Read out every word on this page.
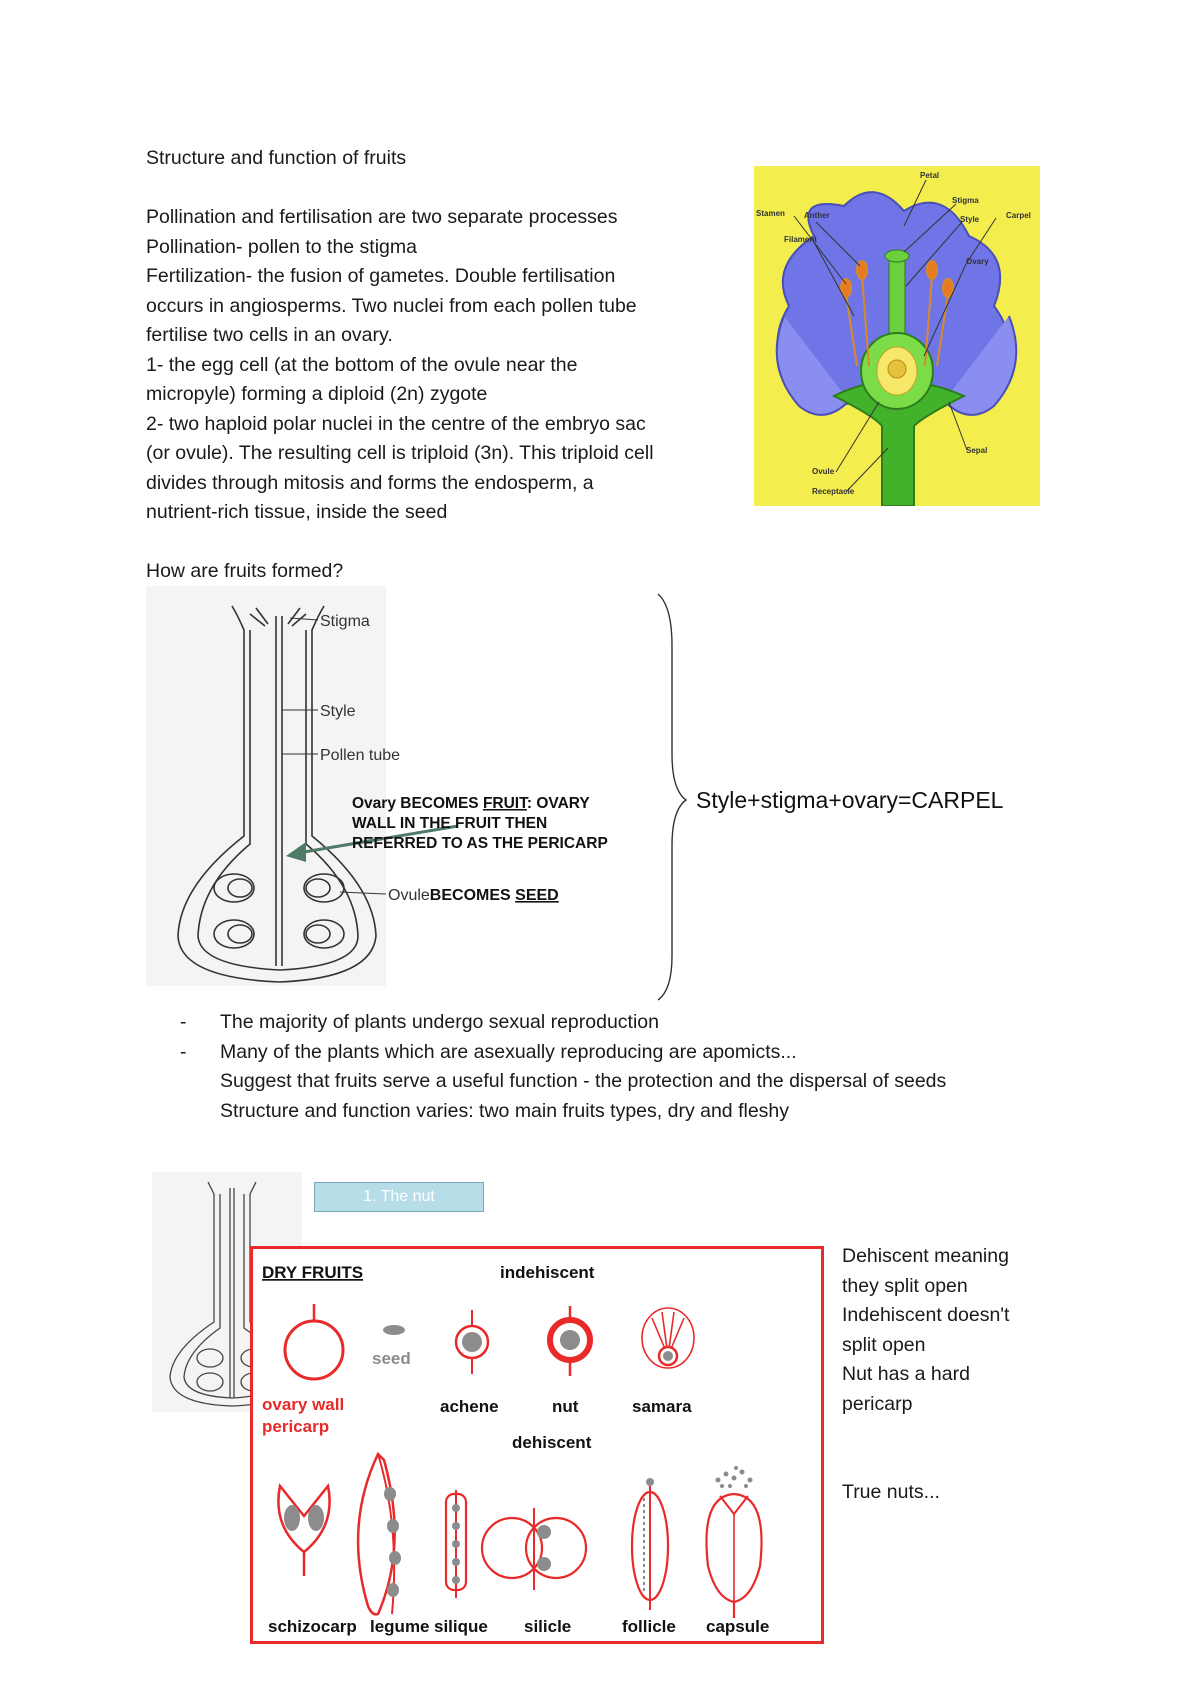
Structure and function of fruits
Pollination and fertilisation are two separate processes
Pollination- pollen to the stigma
Fertilization- the fusion of gametes. Double fertilisation
occurs in angiosperms. Two nuclei from each pollen tube
fertilise two cells in an ovary.
1- the egg cell (at the bottom of the ovule near the
micropyle) forming a diploid (2n) zygote
2- two haploid polar nuclei in the centre of the embryo sac
(or ovule). The resulting cell is triploid (3n). This triploid cell
divides through mitosis and forms the endosperm, a
nutrient-rich tissue, inside the seed
How are fruits formed?
Petal
Stigma
Carpel
Stamen Anther
Filament
Style
Ovary
Sepal
Ovule
Receptacle
Stigma
Style
Pollen tube
OvuleBECOMES SEED
Ovary BECOMES FRUIT: OVARY
WALL IN THE FRUIT THEN
REFERRED TO AS THE PERICARP
Style+stigma+ovary=CARPEL
- The majority of plants undergo sexual reproduction
- Many of the plants which are asexually reproducing are apomicts...
Suggest that fruits serve a useful function - the protection and the dispersal of seeds
Structure and function varies: two main fruits types, dry and fleshy
1. The nut
DRY FRUITS	indehiscent
dehiscent
seed
ovary wall
pericarp
achene	nut	samara
schizocarp legume silique silicle	follicle capsule
Dehiscent meaning
they split open
Indehiscent doesn't
split open
Nut has a hard
pericarp
True nuts...
